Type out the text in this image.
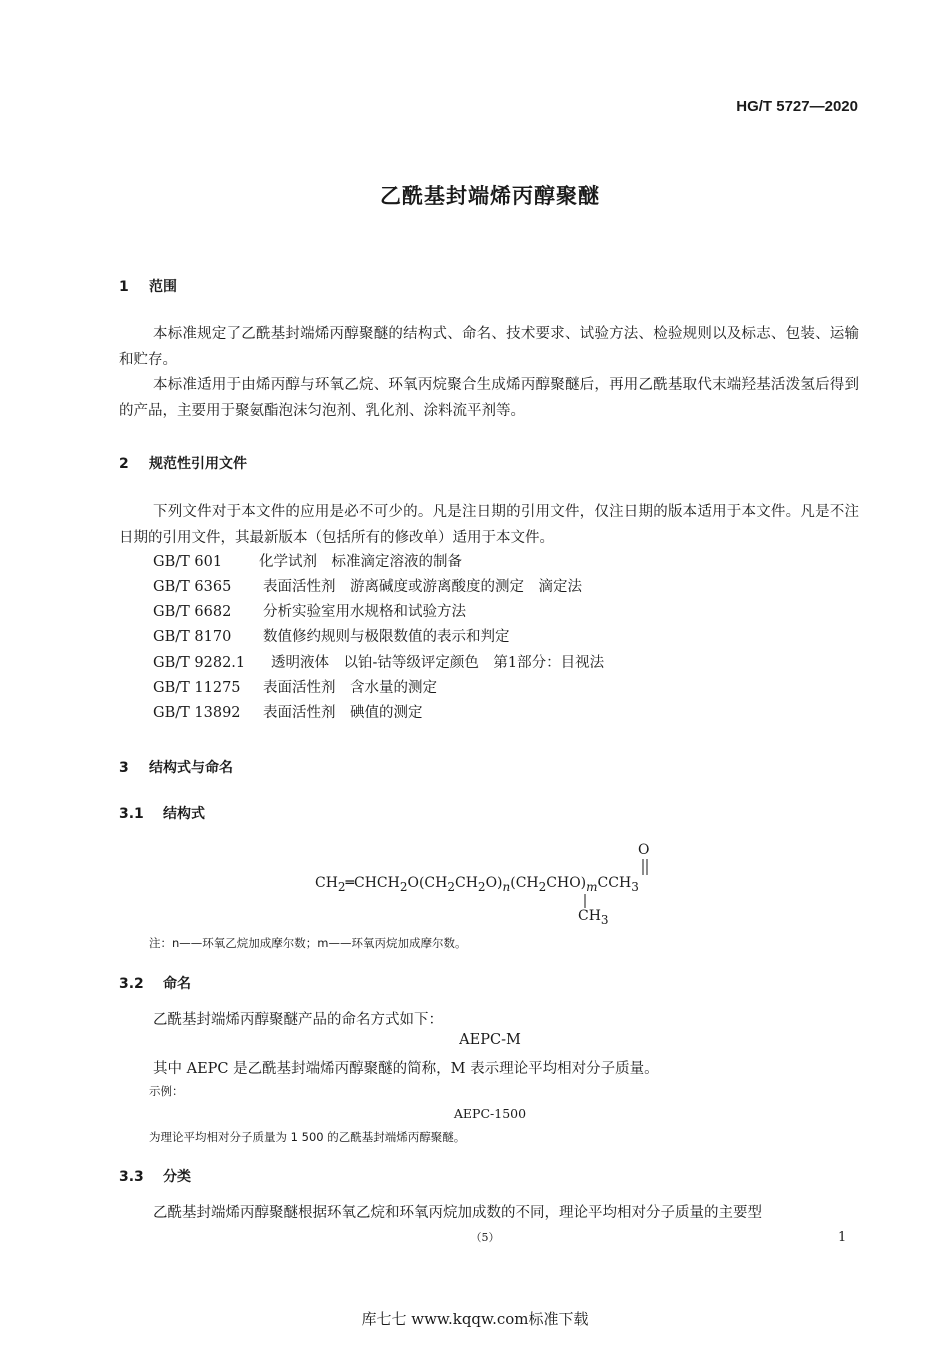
HG/T 5727—2020
乙酰基封端烯丙醇聚醚
1 范围
本标准规定了乙酰基封端烯丙醇聚醚的结构式、命名、技术要求、试验方法、检验规则以及标志、包装、运输和贮存。
本标准适用于由烯丙醇与环氧乙烷、环氧丙烷聚合生成烯丙醇聚醚后，再用乙酰基取代末端羟基活泼氢后得到的产品，主要用于聚氨酯泡沫匀泡剂、乳化剂、涂料流平剂等。
2 规范性引用文件
下列文件对于本文件的应用是必不可少的。凡是注日期的引用文件，仅注日期的版本适用于本文件。凡是不注日期的引用文件，其最新版本（包括所有的修改单）适用于本文件。
GB/T 601	化学试剂　标准滴定溶液的制备
GB/T 6365 表面活性剂　游离碱度或游离酸度的测定　滴定法
GB/T 6682 分析实验室用水规格和试验方法
GB/T 8170 数值修约规则与极限数值的表示和判定
GB/T 9282.1 透明液体　以铂-钴等级评定颜色　第1部分：目视法
GB/T 11275 表面活性剂　含水量的测定
GB/T 13892 表面活性剂　碘值的测定
3 结构式与命名
3.1 结构式
O
$CH_2═CHCH_2O(CH_2CH_2O)_n(CH_2CHO)_mCCH_3$
$CH_3$
注：n——环氧乙烷加成摩尔数；m——环氧丙烷加成摩尔数。
3.2 命名
乙酰基封端烯丙醇聚醚产品的命名方式如下：
AEPC-M
其中 AEPC 是乙酰基封端烯丙醇聚醚的简称，M 表示理论平均相对分子质量。
示例：
AEPC-1500
为理论平均相对分子质量为 1 500 的乙酰基封端烯丙醇聚醚。
3.3 分类
乙酰基封端烯丙醇聚醚根据环氧乙烷和环氧丙烷加成数的不同，理论平均相对分子质量的主要型
（5）	1
库七七 www.kqqw.com标准下载
